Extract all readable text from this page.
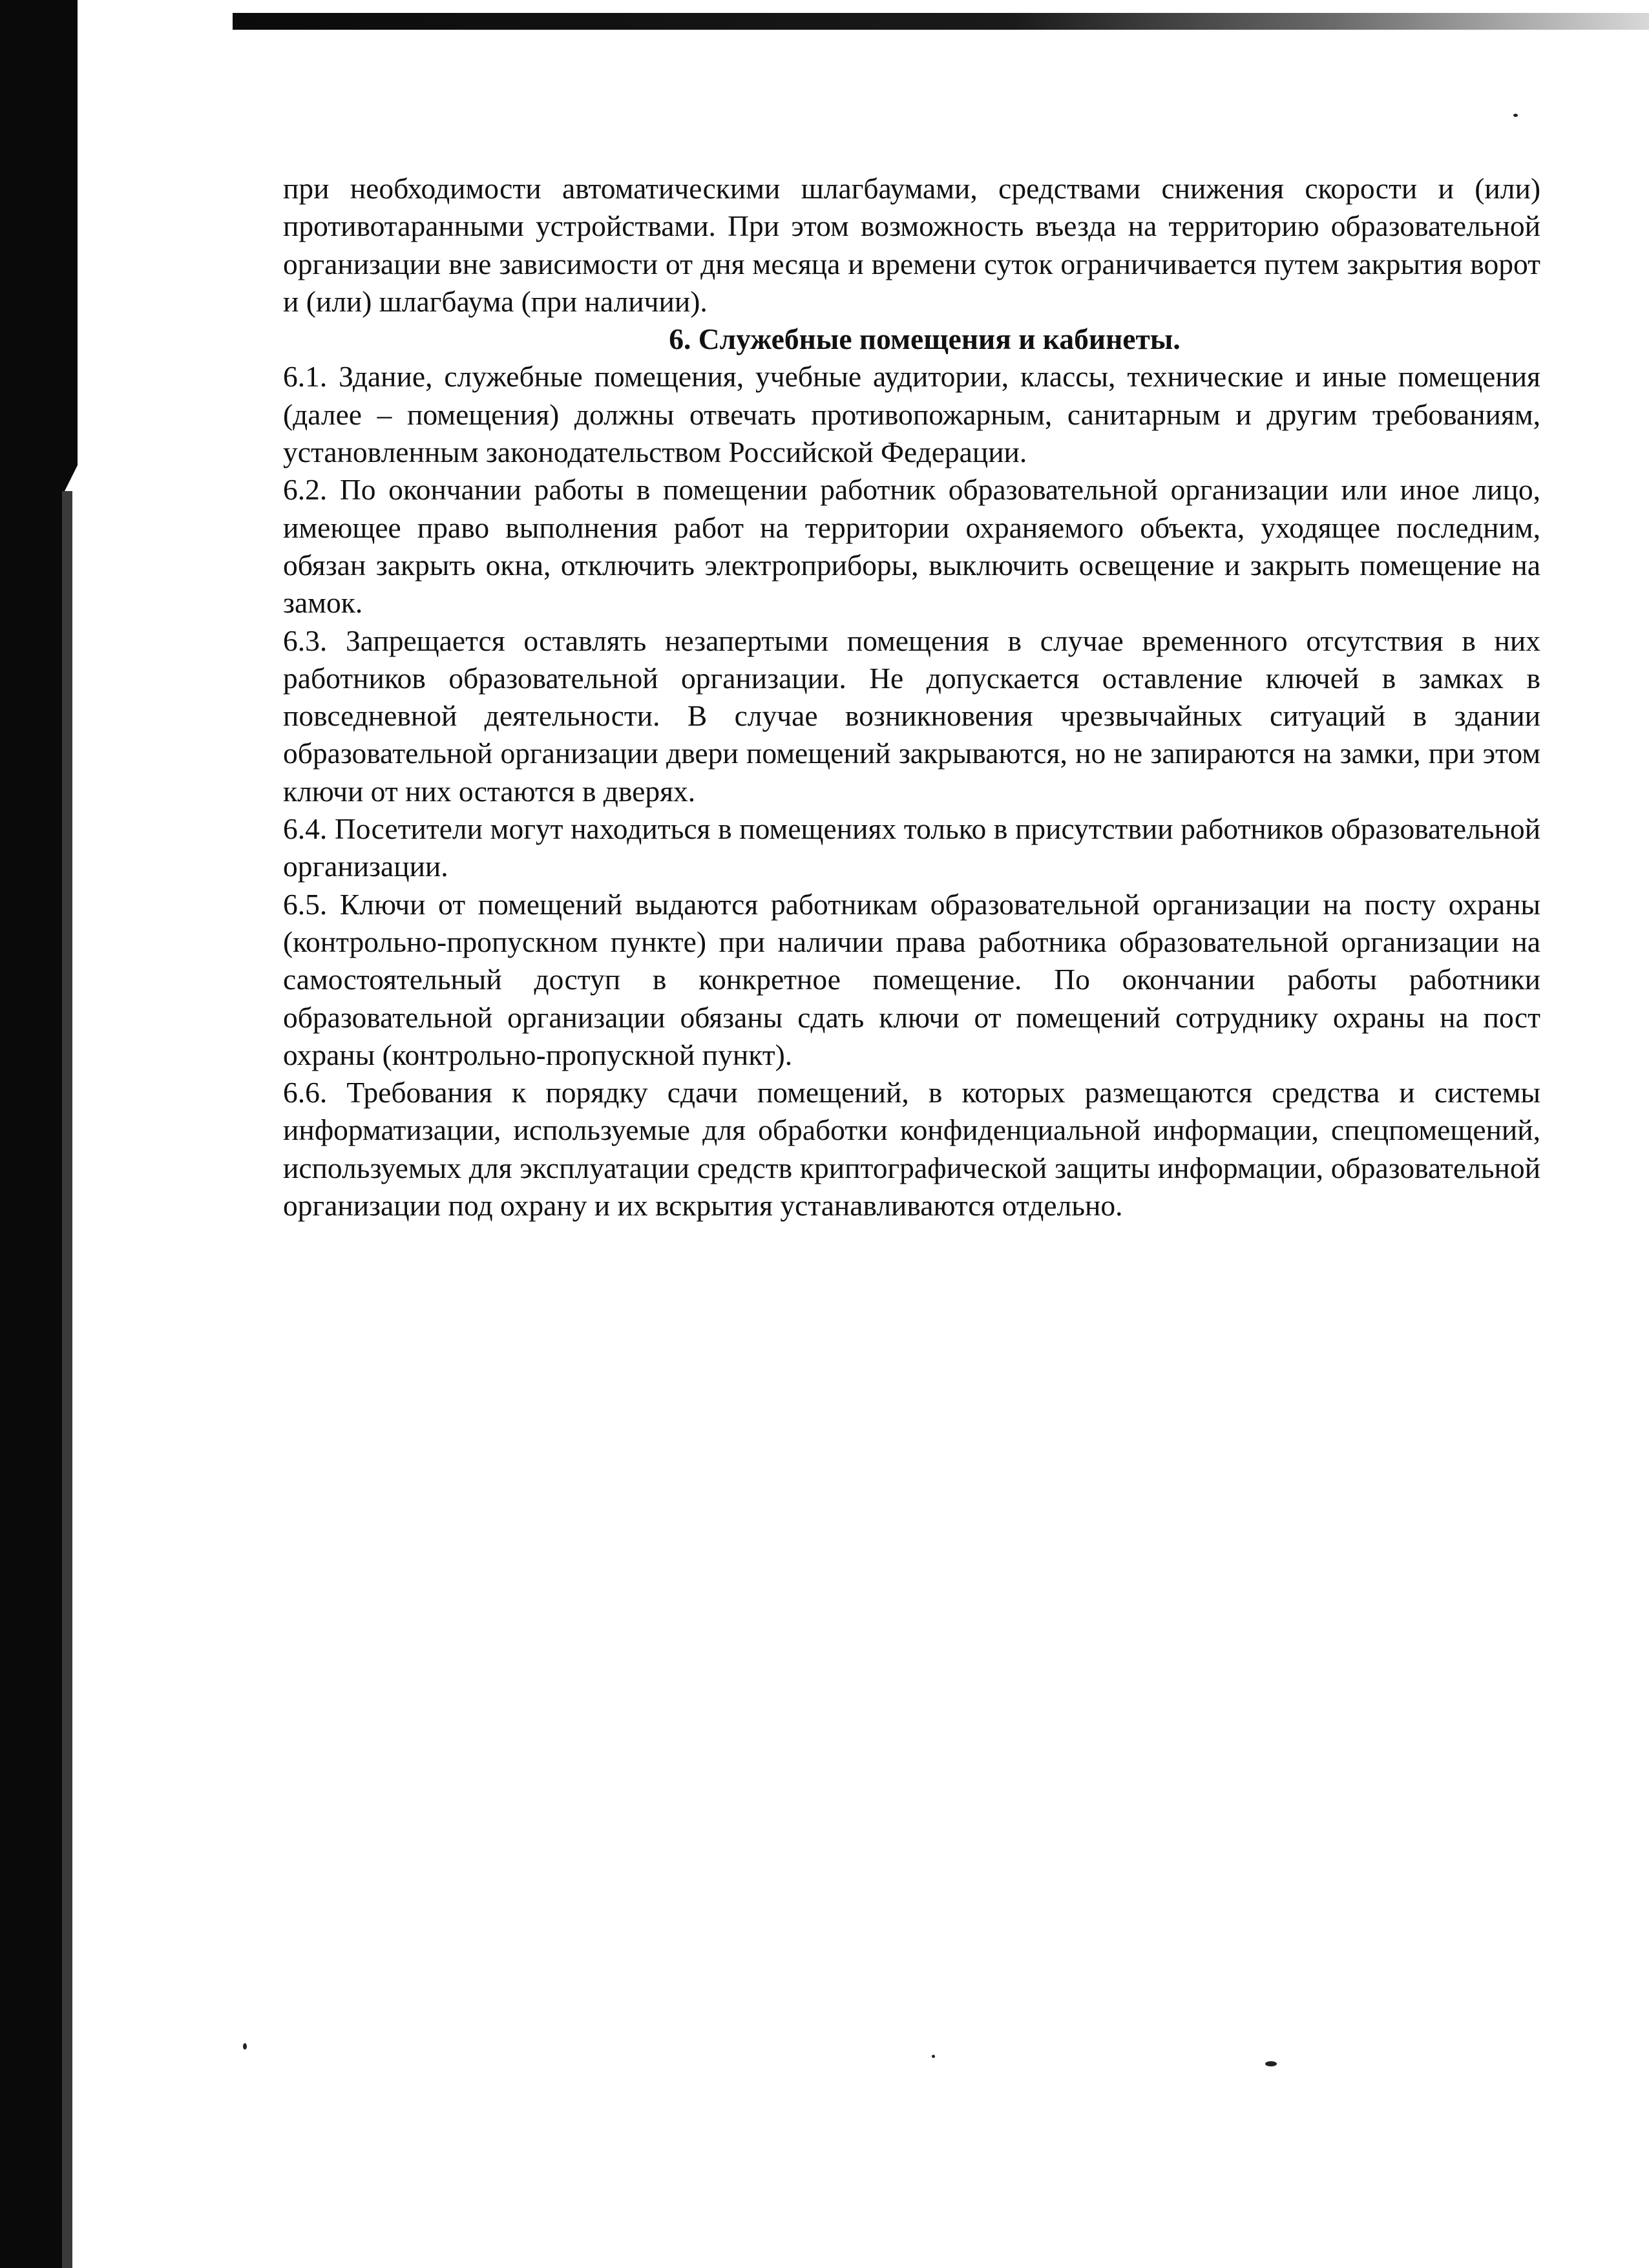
при необходимости автоматическими шлагбаумами, средствами снижения скорости и (или) противотаранными устройствами. При этом возможность въезда на территорию образовательной организации вне зависимости от дня месяца и времени суток ограничивается путем закрытия ворот и (или) шлагбаума (при наличии).

6. Служебные помещения и кабинеты.

6.1. Здание, служебные помещения, учебные аудитории, классы, технические и иные помещения (далее – помещения) должны отвечать противопожарным, санитарным и другим требованиям, установленным законодательством Российской Федерации.

6.2. По окончании работы в помещении работник образовательной организации или иное лицо, имеющее право выполнения работ на территории охраняемого объекта, уходящее последним, обязан закрыть окна, отключить электроприборы, выключить освещение и закрыть помещение на замок.

6.3. Запрещается оставлять незапертыми помещения в случае временного отсутствия в них работников образовательной организации. Не допускается оставление ключей в замках в повседневной деятельности. В случае возникновения чрезвычайных ситуаций в здании образовательной организации двери помещений закрываются, но не запираются на замки, при этом ключи от них остаются в дверях.

6.4. Посетители могут находиться в помещениях только в присутствии работников образовательной организации.

6.5. Ключи от помещений выдаются работникам образовательной организации на посту охраны (контрольно-пропускном пункте) при наличии права работника образовательной организации на самостоятельный доступ в конкретное помещение. По окончании работы работники образовательной организации обязаны сдать ключи от помещений сотруднику охраны на пост охраны (контрольно-пропускной пункт).

6.6. Требования к порядку сдачи помещений, в которых размещаются средства и системы информатизации, используемые для обработки конфиденциальной информации, спецпомещений, используемых для эксплуатации средств криптографической защиты информации, образовательной организации под охрану и их вскрытия устанавливаются отдельно.
